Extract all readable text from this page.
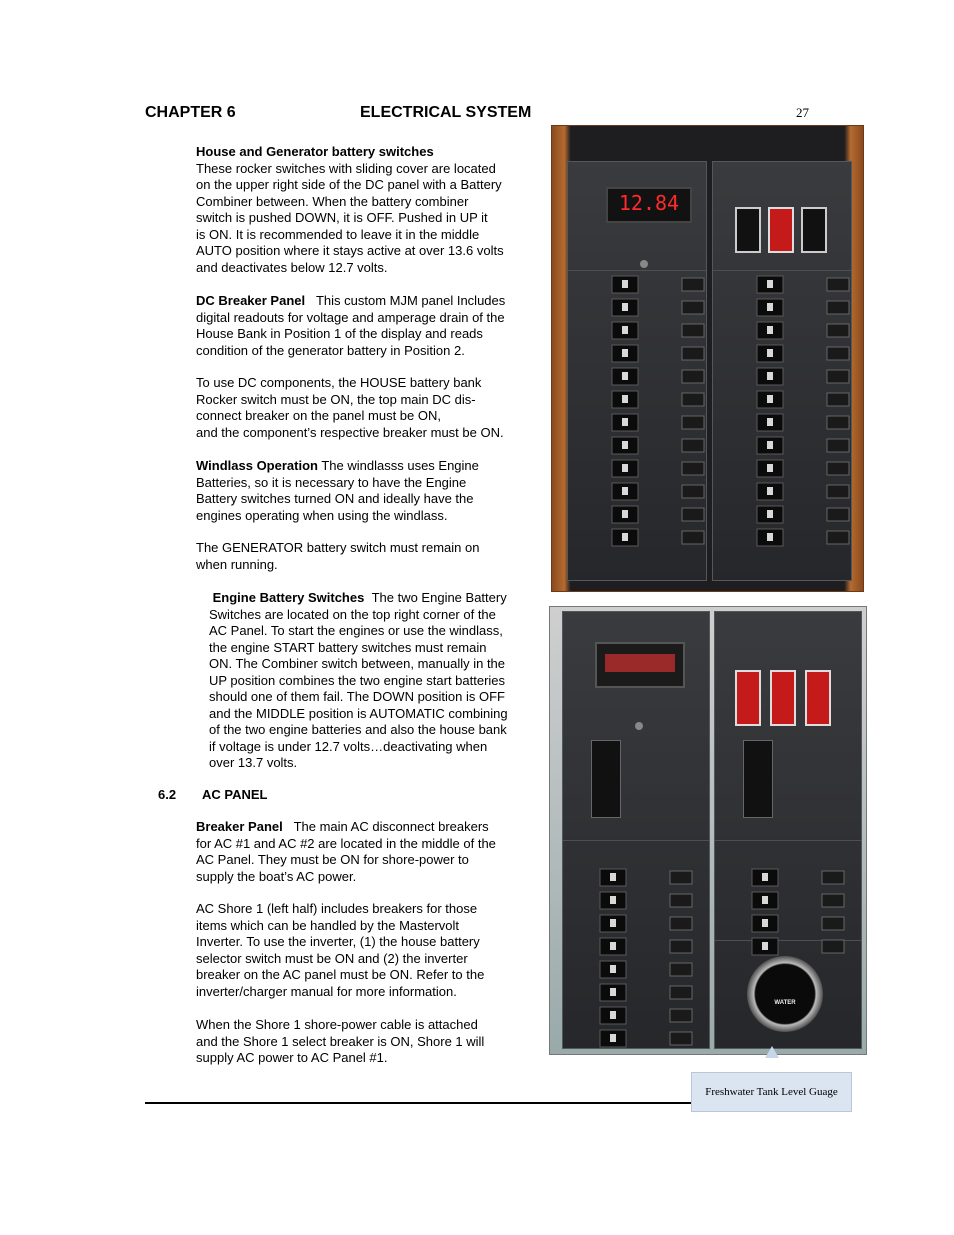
CHAPTER 6	ELECTRICAL SYSTEM	27
House and Generator battery switches
These rocker switches with sliding cover are located
on the upper right side of the DC panel with a Battery
Combiner between. When the battery combiner
switch is pushed DOWN, it is OFF. Pushed in UP it
is ON. It is recommended to leave it in the middle
AUTO position where it stays active at over 13.6 volts
and deactivates below 12.7 volts.
DC Breaker Panel This custom MJM panel Includes
digital readouts for voltage and amperage drain of the
House Bank in Position 1 of the display and reads
condition of the generator battery in Position 2.
To use DC components, the HOUSE battery bank
Rocker switch must be ON, the top main DC dis-
connect breaker on the panel must be ON,
and the component’s respective breaker must be ON.
Windlass Operation The windlasss uses Engine
Batteries, so it is necessary to have the Engine
Battery switches turned ON and ideally have the
engines operating when using the windlass.
The GENERATOR battery switch must remain on
when running.
Engine Battery Switches The two Engine Battery
Switches are located on the top right corner of the
AC Panel. To start the engines or use the windlass,
the engine START battery switches must remain
ON. The Combiner switch between, manually in the
UP position combines the two engine start batteries
should one of them fail. The DOWN position is OFF
and the MIDDLE position is AUTOMATIC combining
of the two engine batteries and also the house bank
if voltage is under 12.7 volts…deactivating when
over 13.7 volts.
6.2 AC PANEL
Breaker Panel The main AC disconnect breakers
for AC #1 and AC #2 are located in the middle of the
AC Panel. They must be ON for shore-power to
supply the boat’s AC power.
AC Shore 1 (left half) includes breakers for those
items which can be handled by the Mastervolt
Inverter. To use the inverter, (1) the house battery
selector switch must be ON and (2) the inverter
breaker on the AC panel must be ON. Refer to the
inverter/charger manual for more information.
When the Shore 1 shore-power cable is attached
and the Shore 1 select breaker is ON, Shore 1 will
supply AC power to AC Panel #1.
12.84
WATER
Freshwater Tank Level Guage
